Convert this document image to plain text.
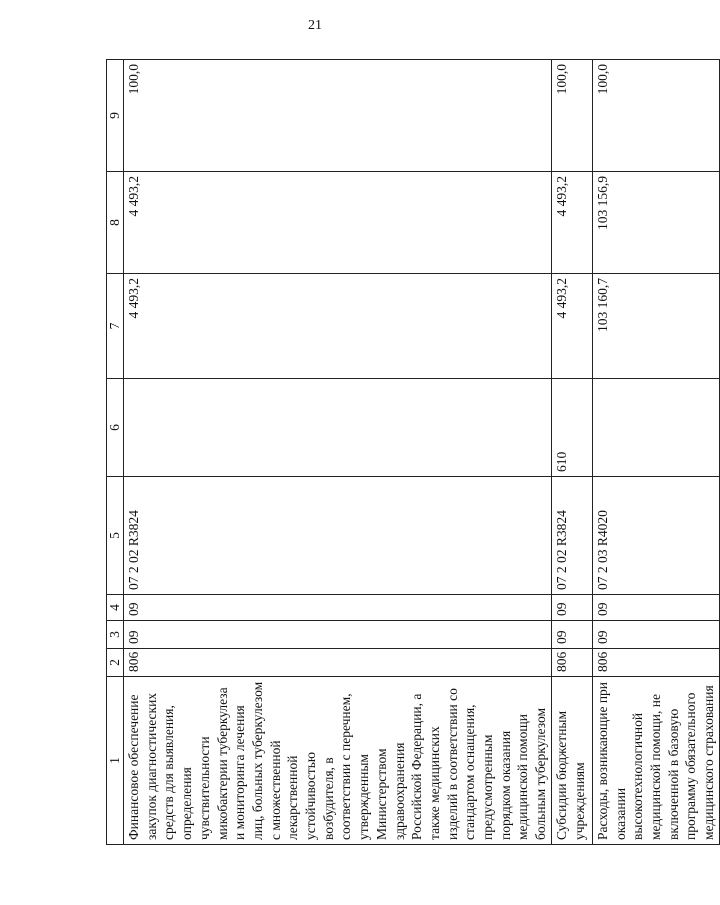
21
1	2	3	4	5	6	7	8	9
Финансовое обеспечение закупок диагностических средств для выявления, определения чувствительности микобактерии туберкулеза и мониторинга лечения лиц, больных туберкулезом с множественной лекарственной устойчивостью возбудителя, в соответствии с перечнем, утвержденным Министерством здравоохранения Российской Федерации, а также медицинских изделий в соответствии со стандартом оснащения, предусмотренным порядком оказания медицинской помощи больным туберкулезом	806	09	09	07 2 02 R3824		4 493,2	4 493,2	100,0
Субсидии бюджетным учреждениям	806	09	09	07 2 02 R3824	610	4 493,2	4 493,2	100,0
Расходы, возникающие при оказании высокотехнологичной медицинской помощи, не включенной в базовую программу обязательного медицинского страхования	806	09	09	07 2 03 R4020		103 160,7	103 156,9	100,0
